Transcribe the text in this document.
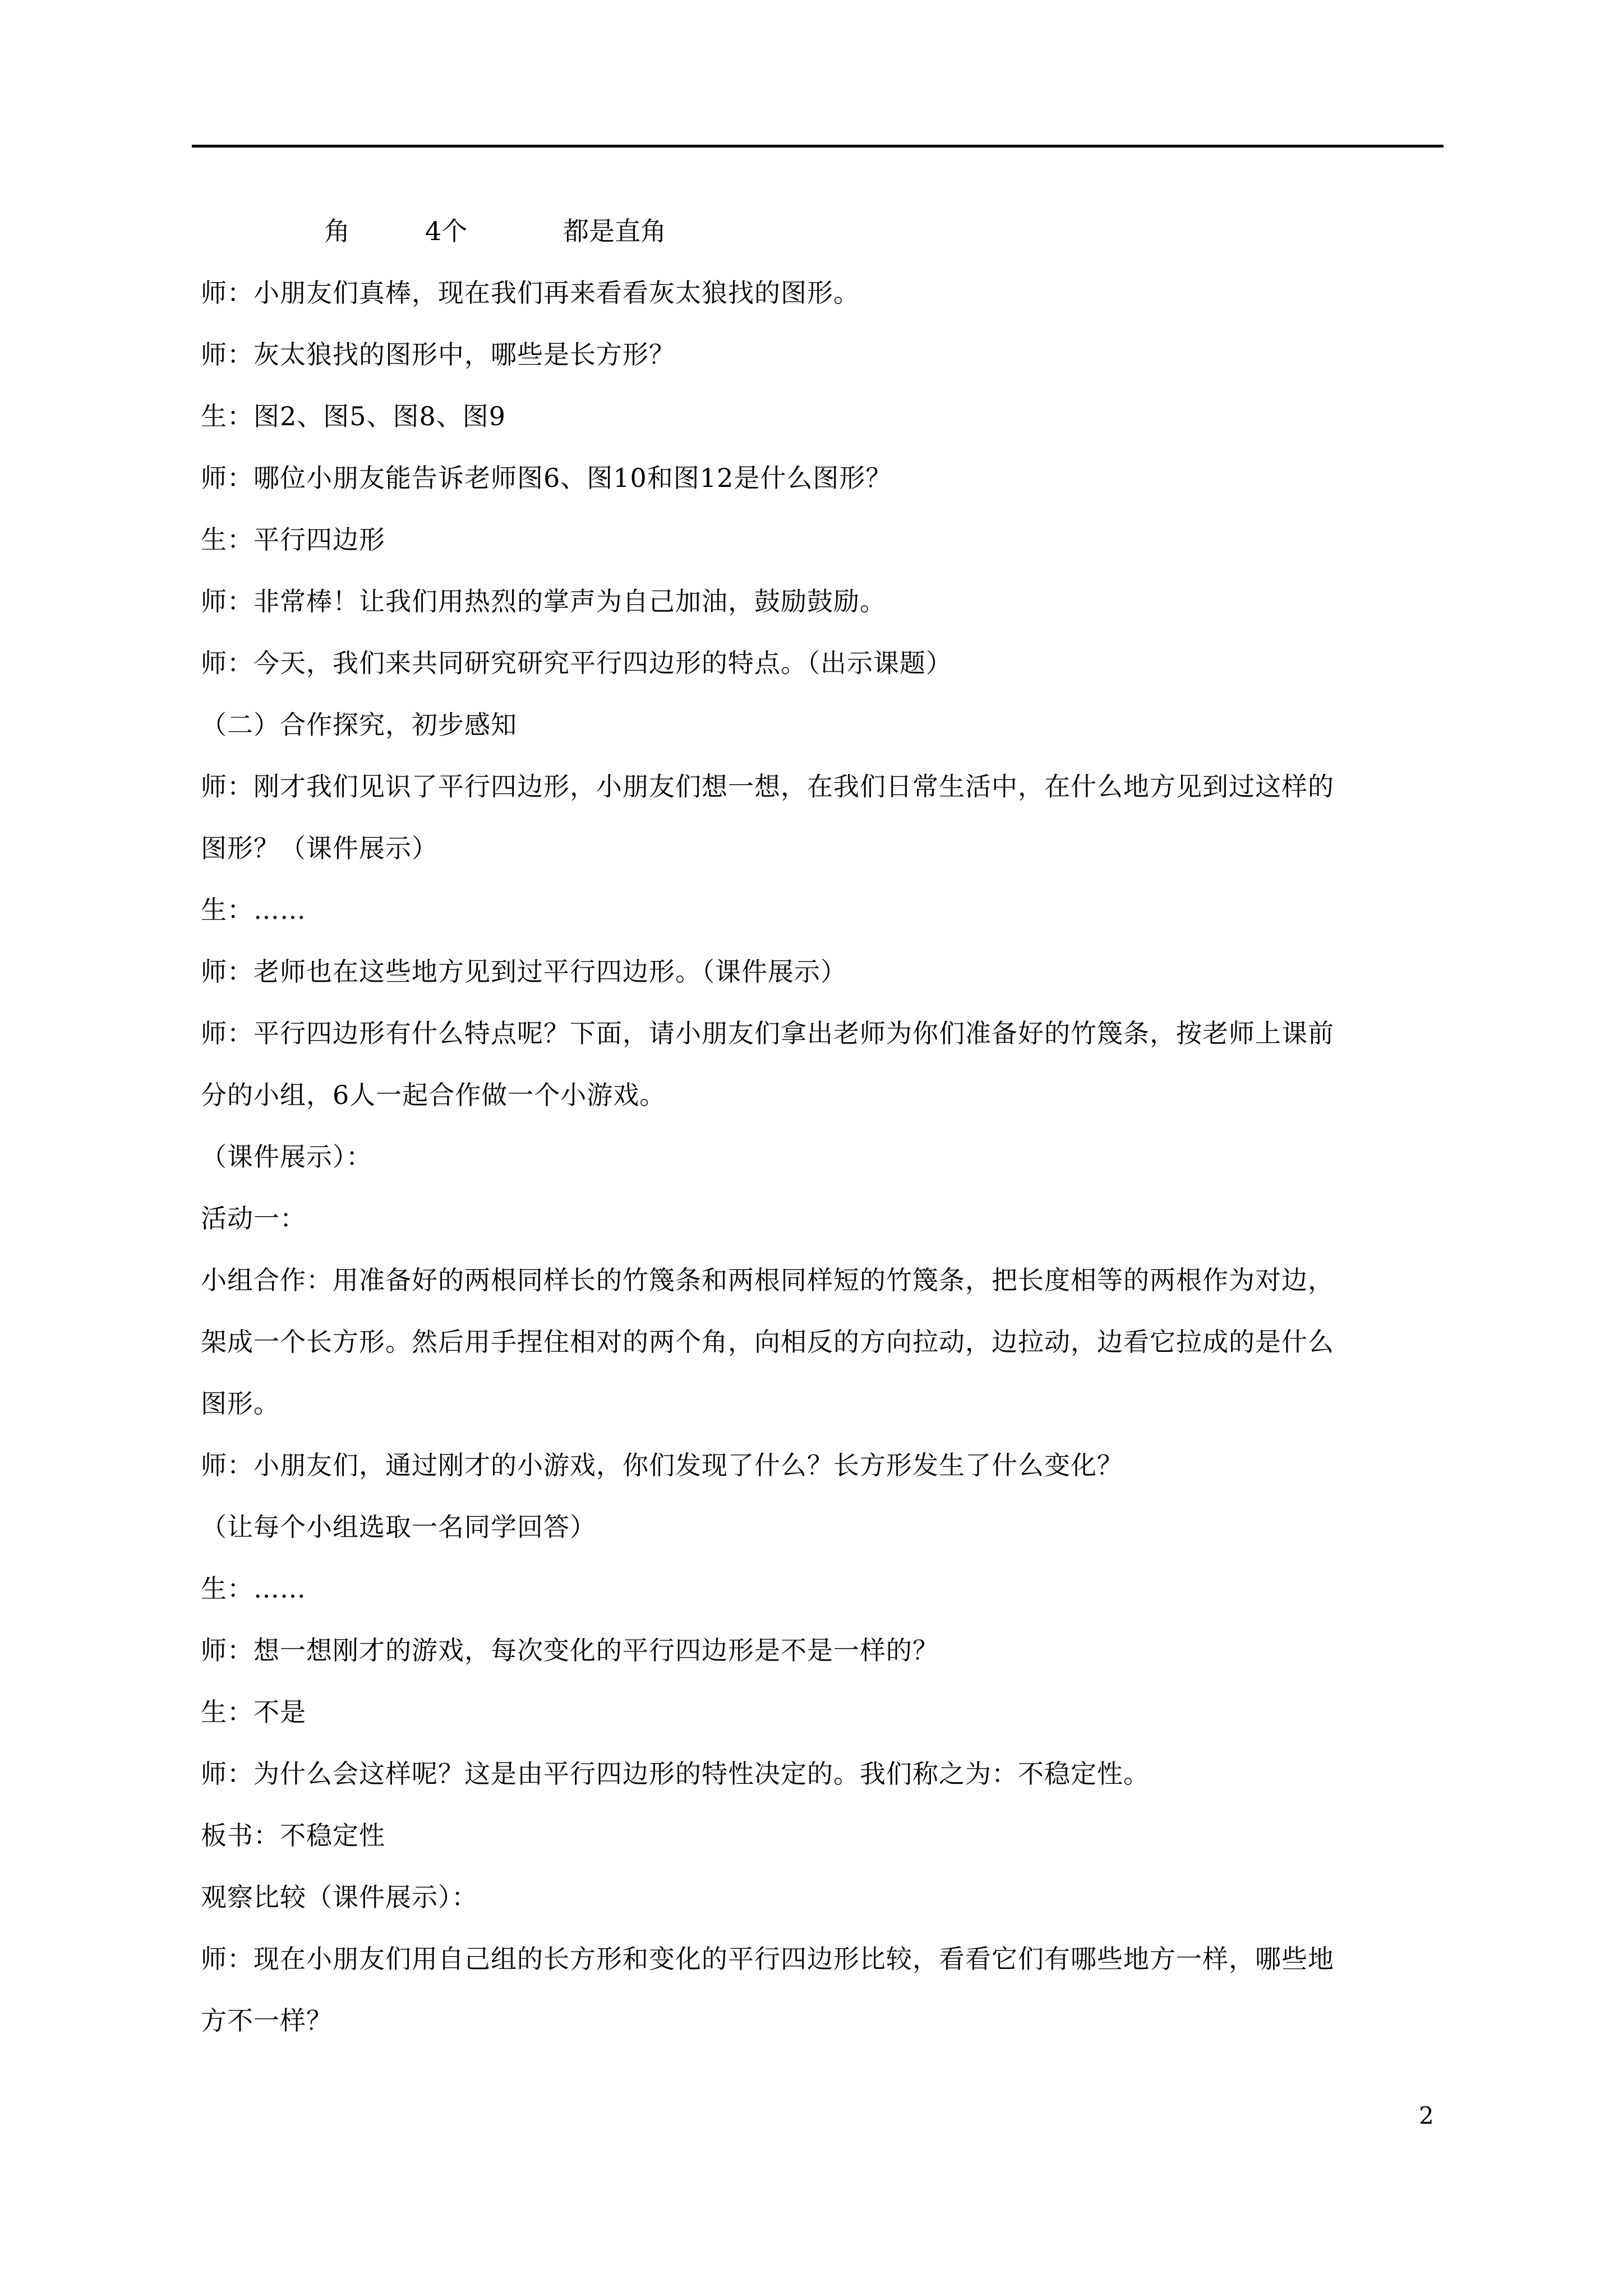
角

	4个

	都是直角

师：小朋友们真棒，现在我们再来看看灰太狼找的图形。
师：灰太狼找的图形中，哪些是长方形？
生：图2、图5、图8、图9
师：哪位小朋友能告诉老师图6、图10和图12是什么图形？
生：平行四边形
师：非常棒！让我们用热烈的掌声为自己加油，鼓励鼓励。
师：今天，我们来共同研究研究平行四边形的特点。（出示课题）
（二）合作探究，初步感知
师：刚才我们见识了平行四边形，小朋友们想一想，在我们日常生活中，在什么地方见到过这样的
图形？（课件展示）
生：……
师：老师也在这些地方见到过平行四边形。（课件展示）
师：平行四边形有什么特点呢？下面，请小朋友们拿出老师为你们准备好的竹篾条，按老师上课前
分的小组，6人一起合作做一个小游戏。
（课件展示）：
活动一：
小组合作：用准备好的两根同样长的竹篾条和两根同样短的竹篾条，把长度相等的两根作为对边，
架成一个长方形。然后用手捏住相对的两个角，向相反的方向拉动，边拉动，边看它拉成的是什么
图形。
师：小朋友们，通过刚才的小游戏，你们发现了什么？长方形发生了什么变化？
（让每个小组选取一名同学回答）
生：……
师：想一想刚才的游戏，每次变化的平行四边形是不是一样的？
生：不是
师：为什么会这样呢？这是由平行四边形的特性决定的。我们称之为：不稳定性。
板书：不稳定性
观察比较（课件展示）：
师：现在小朋友们用自己组的长方形和变化的平行四边形比较，看看它们有哪些地方一样，哪些地
方不一样？
2
